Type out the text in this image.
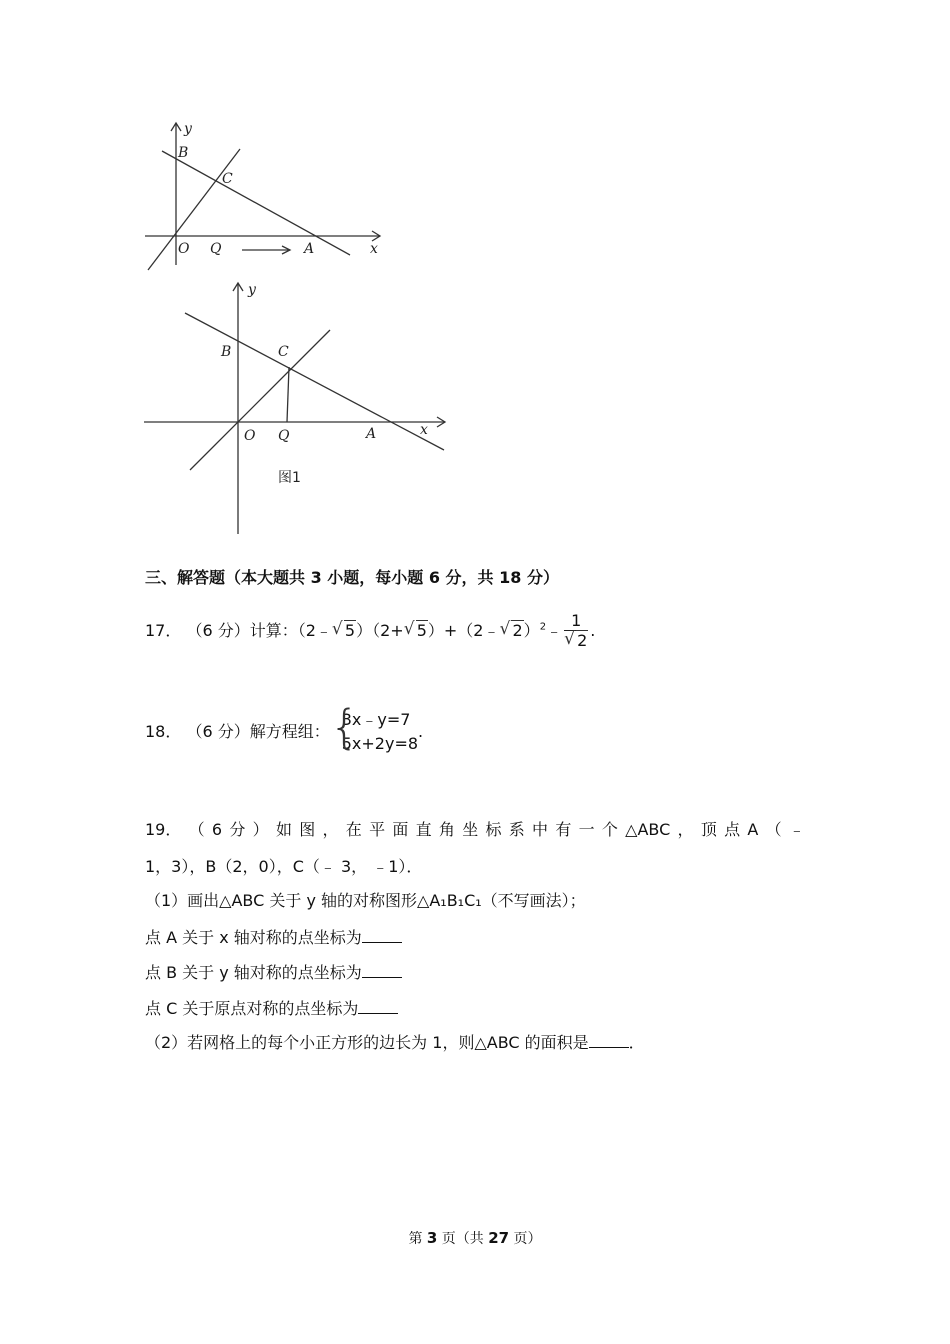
y
B
C
O Q	A	x
y
B	C
O Q	A	x
图1
三、解答题（本大题共 3 小题，每小题 6 分，共 18 分）
17． （6 分）计算：（2﹣ √ 5）（2+ √ 5）+（2﹣ √ 2）$^2$﹣ 1
√ 2 .
18． （6 分）解方程组： {
3x﹣y=7
5x+2y=8
.
19． （ 6 分 ） 如 图 ， 在 平 面 直 角 坐 标 系 中 有 一 个 △ABC ， 顶 点 A （ ﹣
1，3），B（2，0），C（﹣ 3， ﹣1）．
（1）画出△ABC 关于 y 轴的对称图形△A₁B₁C₁（不写画法）；
点 A 关于 x 轴对称的点坐标为
点 B 关于 y 轴对称的点坐标为
点 C 关于原点对称的点坐标为
（2）若网格上的每个小正方形的边长为 1，则△ABC 的面积是	．
第 3 页（共 27 页）
